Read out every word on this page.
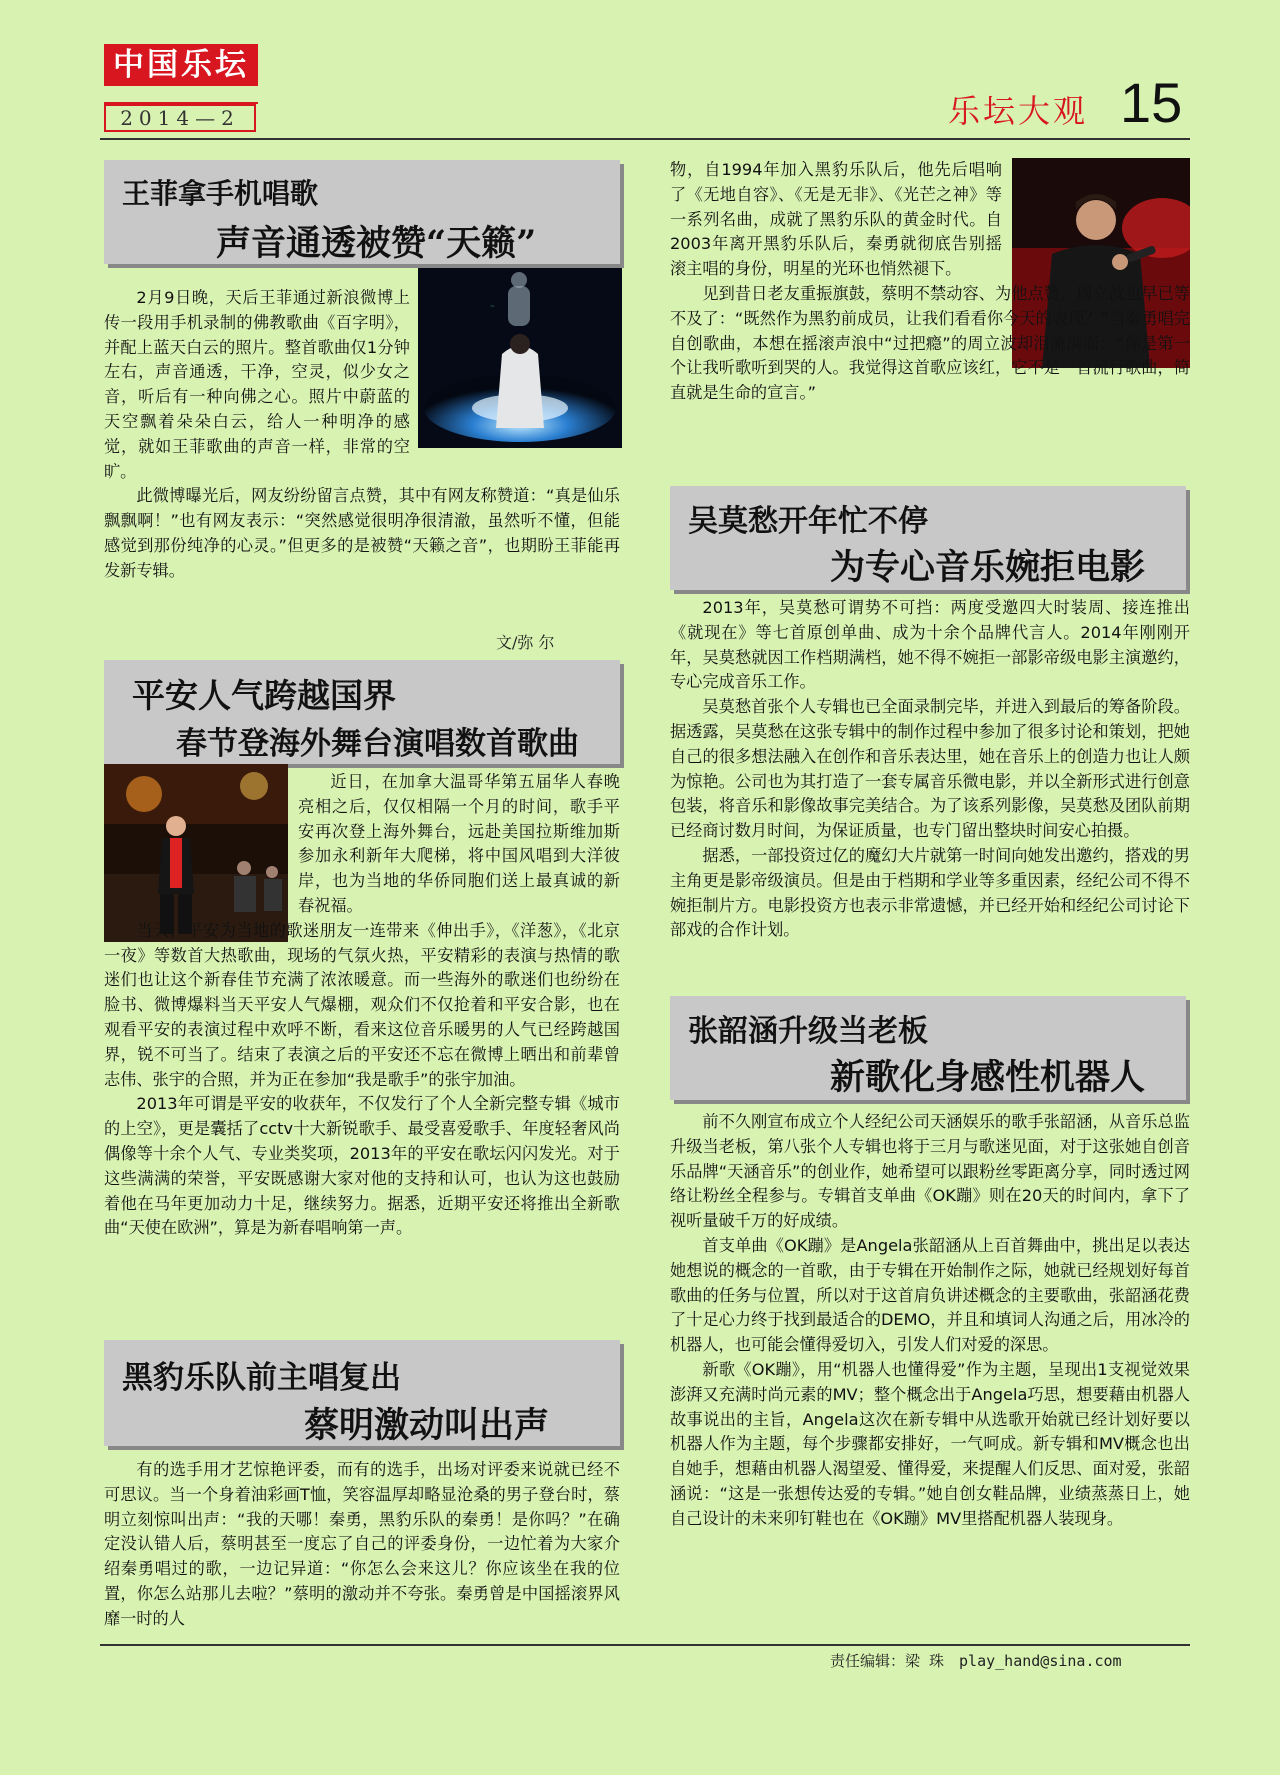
中国乐坛
2014—2	乐坛大观 15
王菲拿手机唱歌
声音通透被赞“天籁”
~

2月9日晚，天后王菲通过新浪微博上传一段用手机录制的佛教歌曲《百字明》，并配上蓝天白云的照片。整首歌曲仅1分钟左右，声音通透，干净，空灵，似少女之音，听后有一种向佛之心。照片中蔚蓝的天空飘着朵朵白云，给人一种明净的感觉，就如王菲歌曲的声音一样，非常的空旷。

此微博曝光后，网友纷纷留言点赞，其中有网友称赞道：“真是仙乐飘飘啊！”也有网友表示：“突然感觉很明净很清澈，虽然听不懂，但能感觉到那份纯净的心灵。”但更多的是被赞“天籁之音”，也期盼王菲能再发新专辑。

文/弥 尔
平安人气跨越国界
春节登海外舞台演唱数首歌曲

近日，在加拿大温哥华第五届华人春晚亮相之后，仅仅相隔一个月的时间，歌手平安再次登上海外舞台，远赴美国拉斯维加斯参加永利新年大爬梯，将中国风唱到大洋彼岸，也为当地的华侨同胞们送上最真诚的新春祝福。

当天，平安为当地的歌迷朋友一连带来《伸出手》，《洋葱》，《北京一夜》等数首大热歌曲，现场的气氛火热，平安精彩的表演与热情的歌迷们也让这个新春佳节充满了浓浓暖意。而一些海外的歌迷们也纷纷在脸书、微博爆料当天平安人气爆棚，观众们不仅抢着和平安合影，也在观看平安的表演过程中欢呼不断，看来这位音乐暖男的人气已经跨越国界，锐不可当了。结束了表演之后的平安还不忘在微博上晒出和前辈曾志伟、张宇的合照，并为正在参加“我是歌手”的张宇加油。

2013年可谓是平安的收获年，不仅发行了个人全新完整专辑《城市的上空》，更是囊括了cctv十大新锐歌手、最受喜爱歌手、年度轻奢风尚偶像等十余个人气、专业类奖项，2013年的平安在歌坛闪闪发光。对于这些满满的荣誉，平安既感谢大家对他的支持和认可，也认为这也鼓励着他在马年更加动力十足，继续努力。据悉，近期平安还将推出全新歌曲“天使在欧洲”，算是为新春唱响第一声。

黑豹乐队前主唱复出
蔡明激动叫出声

有的选手用才艺惊艳评委，而有的选手，出场对评委来说就已经不可思议。当一个身着油彩画T恤，笑容温厚却略显沧桑的男子登台时，蔡明立刻惊叫出声：“我的天哪！秦勇，黑豹乐队的秦勇！是你吗？”在确定没认错人后，蔡明甚至一度忘了自己的评委身份，一边忙着为大家介绍秦勇唱过的歌，一边记异道：“你怎么会来这儿？你应该坐在我的位置，你怎么站那儿去啦？”蔡明的激动并不夸张。秦勇曾是中国摇滚界风靡一时的人

物，自1994年加入黑豹乐队后，他先后唱响了《无地自容》、《无是无非》、《光芒之神》等一系列名曲，成就了黑豹乐队的黄金时代。自2003年离开黑豹乐队后，秦勇就彻底告别摇滚主唱的身份，明星的光环也悄然褪下。

见到昔日老友重振旗鼓，蔡明不禁动容、为他点赞，周立波也早已等不及了：“既然作为黑豹前成员，让我们看看你今天的表现？”当秦勇唱完自创歌曲，本想在摇滚声浪中“过把瘾”的周立波却泪流满面：“你是第一个让我听歌听到哭的人。我觉得这首歌应该红，它不是一首流行歌曲，简直就是生命的宣言。”

吴莫愁开年忙不停
为专心音乐婉拒电影

2013年，吴莫愁可谓势不可挡：两度受邀四大时装周、接连推出《就现在》等七首原创单曲、成为十余个品牌代言人。2014年刚刚开年，吴莫愁就因工作档期满档，她不得不婉拒一部影帝级电影主演邀约，专心完成音乐工作。

吴莫愁首张个人专辑也已全面录制完毕，并进入到最后的筹备阶段。据透露，吴莫愁在这张专辑中的制作过程中参加了很多讨论和策划，把她自己的很多想法融入在创作和音乐表达里，她在音乐上的创造力也让人颇为惊艳。公司也为其打造了一套专属音乐微电影，并以全新形式进行创意包装，将音乐和影像故事完美结合。为了该系列影像，吴莫愁及团队前期已经商讨数月时间，为保证质量，也专门留出整块时间安心拍摄。

据悉，一部投资过亿的魔幻大片就第一时间向她发出邀约，搭戏的男主角更是影帝级演员。但是由于档期和学业等多重因素，经纪公司不得不婉拒制片方。电影投资方也表示非常遗憾，并已经开始和经纪公司讨论下部戏的合作计划。

张韶涵升级当老板
新歌化身感性机器人

前不久刚宣布成立个人经纪公司天涵娱乐的歌手张韶涵，从音乐总监升级当老板，第八张个人专辑也将于三月与歌迷见面，对于这张她自创音乐品牌“天涵音乐”的创业作，她希望可以跟粉丝零距离分享，同时透过网络让粉丝全程参与。专辑首支单曲《OK蹦》则在20天的时间内，拿下了视听量破千万的好成绩。

首支单曲《OK蹦》是Angela张韶涵从上百首舞曲中，挑出足以表达她想说的概念的一首歌，由于专辑在开始制作之际，她就已经规划好每首歌曲的任务与位置，所以对于这首肩负讲述概念的主要歌曲，张韶涵花费了十足心力终于找到最适合的DEMO，并且和填词人沟通之后，用冰冷的机器人，也可能会懂得爱切入，引发人们对爱的深思。

新歌《OK蹦》，用“机器人也懂得爱”作为主题，呈现出1支视觉效果澎湃又充满时尚元素的MV；整个概念出于Angela巧思，想要藉由机器人故事说出的主旨，Angela这次在新专辑中从选歌开始就已经计划好要以机器人作为主题，每个步骤都安排好，一气呵成。新专辑和MV概念也出自她手，想藉由机器人渴望爱、懂得爱，来提醒人们反思、面对爱，张韶涵说：“这是一张想传达爱的专辑。”她自创女鞋品牌，业绩蒸蒸日上，她自己设计的未来卯钉鞋也在《OK蹦》MV里搭配机器人装现身。

责任编辑：梁 珠　play_hand@sina.com
